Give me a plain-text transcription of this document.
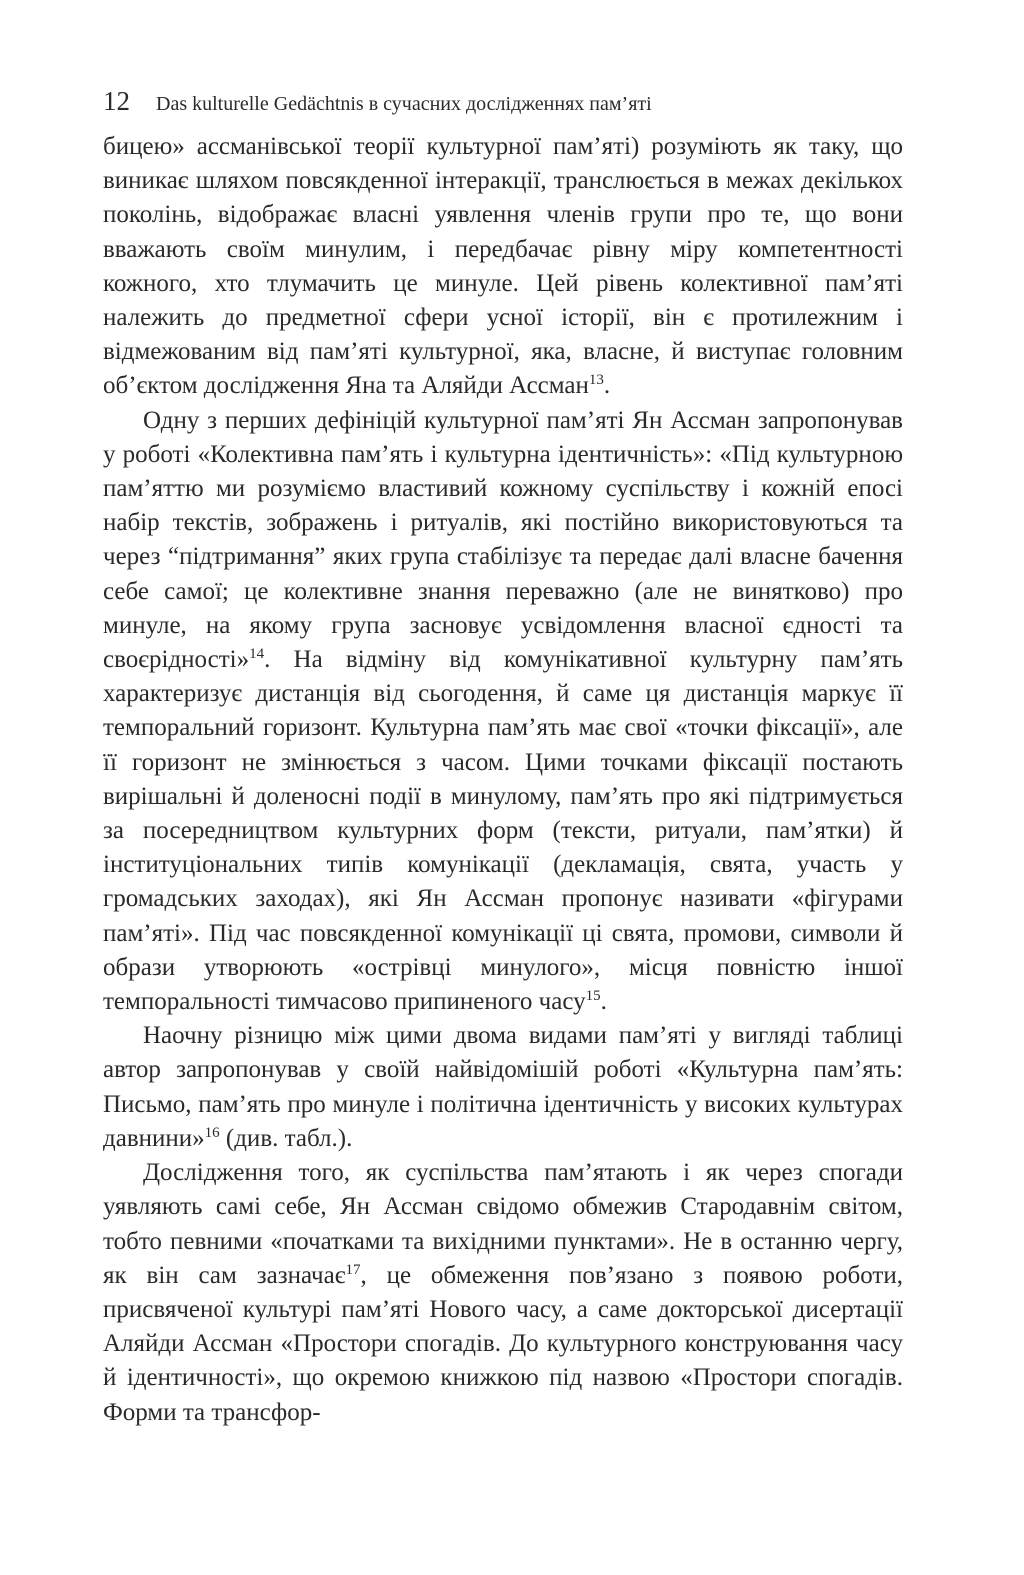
12 Das kulturelle Gedächtnis в сучасних дослідженнях пам’яті

бицею» ассманівської теорії культурної пам’яті) розуміють як таку, що виникає шляхом повсякденної інтеракції, транслюється в межах декількох поколінь, відображає власні уявлення членів групи про те, що вони вважають своїм минулим, і передбачає рівну міру компетентності кожного, хто тлумачить це минуле. Цей рівень колективної пам’яті належить до предметної сфери усної історії, він є протилежним і відмежованим від пам’яті культурної, яка, власне, й виступає головним об’єктом дослідження Яна та Аляйди Ассман$^{13}$.

Одну з перших дефініцій культурної пам’яті Ян Ассман запропонував у роботі «Колективна пам’ять і культурна ідентичність»: «Під культурною пам’яттю ми розуміємо властивий кожному суспільству і кожній епосі набір текстів, зображень і ритуалів, які постійно використовуються та через “підтримання” яких група стабілізує та передає далі власне бачення себе самої; це колективне знання переважно (але не винятково) про минуле, на якому група засновує усвідомлення власної єдності та своєрідності»$^{14}$. На відміну від комунікативної культурну пам’ять характеризує дистанція від сьогодення, й саме ця дистанція маркує її темпоральний горизонт. Культурна пам’ять має свої «точки фіксації», але її горизонт не змінюється з часом. Цими точками фіксації постають вирішальні й доленосні події в минулому, пам’ять про які підтримується за посередництвом культурних форм (тексти, ритуали, пам’ятки) й інституціональних типів комунікації (декламація, свята, участь у громадських заходах), які Ян Ассман пропонує називати «фігурами пам’яті». Під час повсякденної комунікації ці свята, промови, символи й образи утворюють «острівці минулого», місця повністю іншої темпоральності тимчасово припиненого часу$^{15}$.

Наочну різницю між цими двома видами пам’яті у вигляді таблиці автор запропонував у своїй найвідомішій роботі «Культурна пам’ять: Письмо, пам’ять про минуле і політична ідентичність у високих культурах давнини»$^{16}$ (див. табл.).

Дослідження того, як суспільства пам’ятають і як через спогади уявляють самі себе, Ян Ассман свідомо обмежив Стародавнім світом, тобто певними «початками та вихідними пунктами». Не в останню чергу, як він сам зазначає$^{17}$, це обмеження пов’язано з появою роботи, присвяченої культурі пам’яті Нового часу, а саме докторської дисертації Аляйди Ассман «Простори спогадів. До культурного конструювання часу й ідентичності», що окремою книжкою під назвою «Простори спогадів. Форми та трансфор-
